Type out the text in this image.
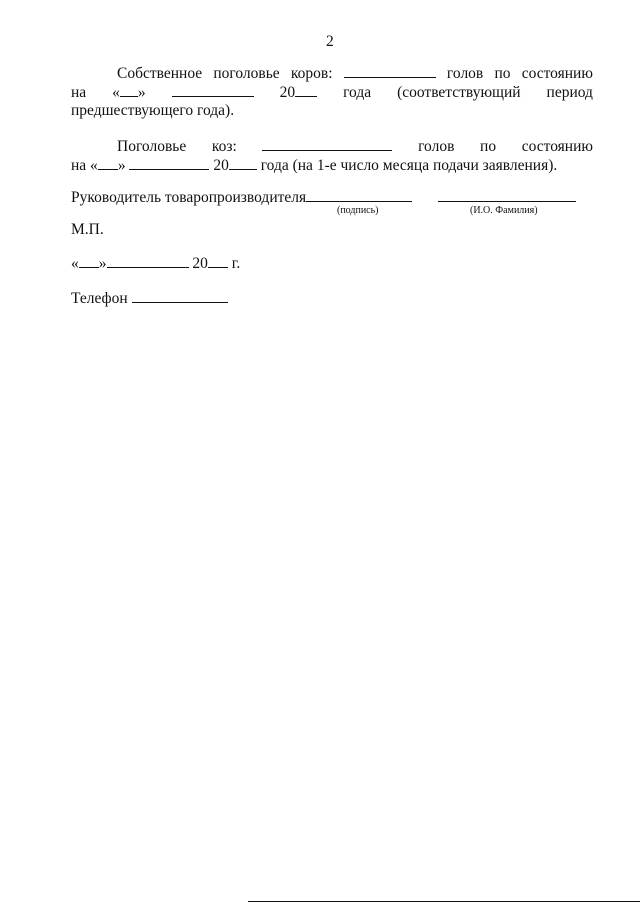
2
Собственное поголовье коров:	голов по состоянию
на « »	20	года (соответствующий период
предшествующего года).
Поголовье коз:	голов по состоянию
на « »	20 года (на 1-е число месяца подачи заявления).
Руководитель товаропроизводителя
(подпись)	(И.О. Фамилия)
М.П.
« »	20 г.
Телефон
